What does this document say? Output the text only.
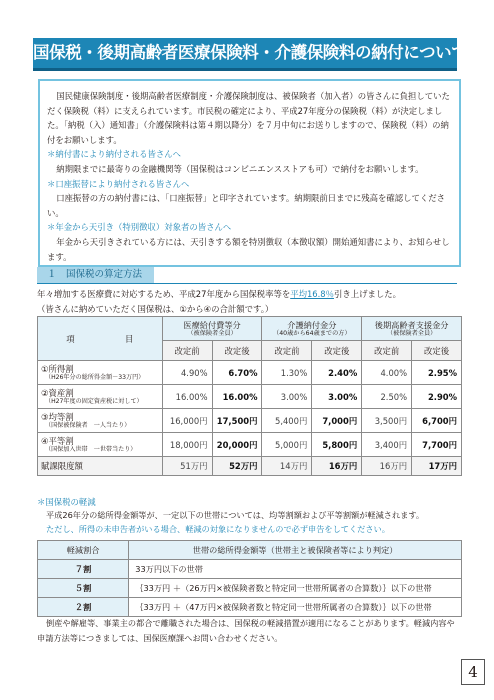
国保税・後期高齢者医療保険料・介護保険料の納付について

国民健康保険制度・後期高齢者医療制度・介護保険制度は、被保険者（加入者）の皆さんに負担していただく保険税（料）に支えられています。市民税の確定により、平成27年度分の保険税（料）が決定しました。「納税（入）通知書」（介護保険料は第４期以降分）を７月中旬にお送りしますので、保険税（料）の納付をお願いします。

＊納付書により納付される皆さんへ

納期限までに最寄りの金融機関等（国保税はコンビニエンスストアも可）で納付をお願いします。

＊口座振替により納付される皆さんへ

口座振替の方の納付書には、「口座振替」と印字されています。納期限前日までに残高を確認してください。

＊年金から天引き（特別徴収）対象者の皆さんへ

年金から天引きされている方には、天引きする額を特別徴収（本徴収額）開始通知書により、お知らせします。

１　国保税の算定方法

年々増加する医療費に対応するため、平成27年度から国保税率等を平均16.8％引き上げました。

（皆さんに納めていただく国保税は、①から④の合計額です。）

項　目	医療給付費等分
（被保険者全員）		介護納付金分
（40歳から64歳までの方）		後期高齢者支援金分
（被保険者全員）	

	改定前	改定後	改定前	改定後	改定前	改定後
①所得割
（H26年分の総所得金額－33万円）	4.90%	6.70%	1.30%	2.40%	4.00%	2.95%
②資産割
（H27年度の固定資産税に対して）	16.00%	16.00%	3.00%	3.00%	2.50%	2.90%
③均等割
（国保被保険者　一人当たり）	16,000円	17,500円	5,400円	7,000円	3,500円	6,700円
④平等割
（国保加入世帯　一世帯当たり）	18,000円	20,000円	5,000円	5,800円	3,400円	7,700円
賦課限度額	51万円	52万円	14万円	16万円	16万円	17万円
＊国保税の軽減
平成26年分の総所得金額等が、一定以下の世帯については、均等割額および平等割額が軽減されます。
ただし、所得の未申告者がいる場合、軽減の対象になりませんので必ず申告をしてください。
軽減割合	世帯の総所得金額等（世帯主と被保険者等により判定）
７割	33万円以下の世帯
５割	｛33万円 ＋（26万円×被保険者数と特定同一世帯所属者の合算数）｝以下の世帯
２割	｛33万円 ＋（47万円×被保険者数と特定同一世帯所属者の合算数）｝以下の世帯
倒産や解雇等、事業主の都合で離職された場合は、国保税の軽減措置が適用になることがあります。軽減内容や申請方法等につきましては、国保医療課へお問い合わせください。
4
